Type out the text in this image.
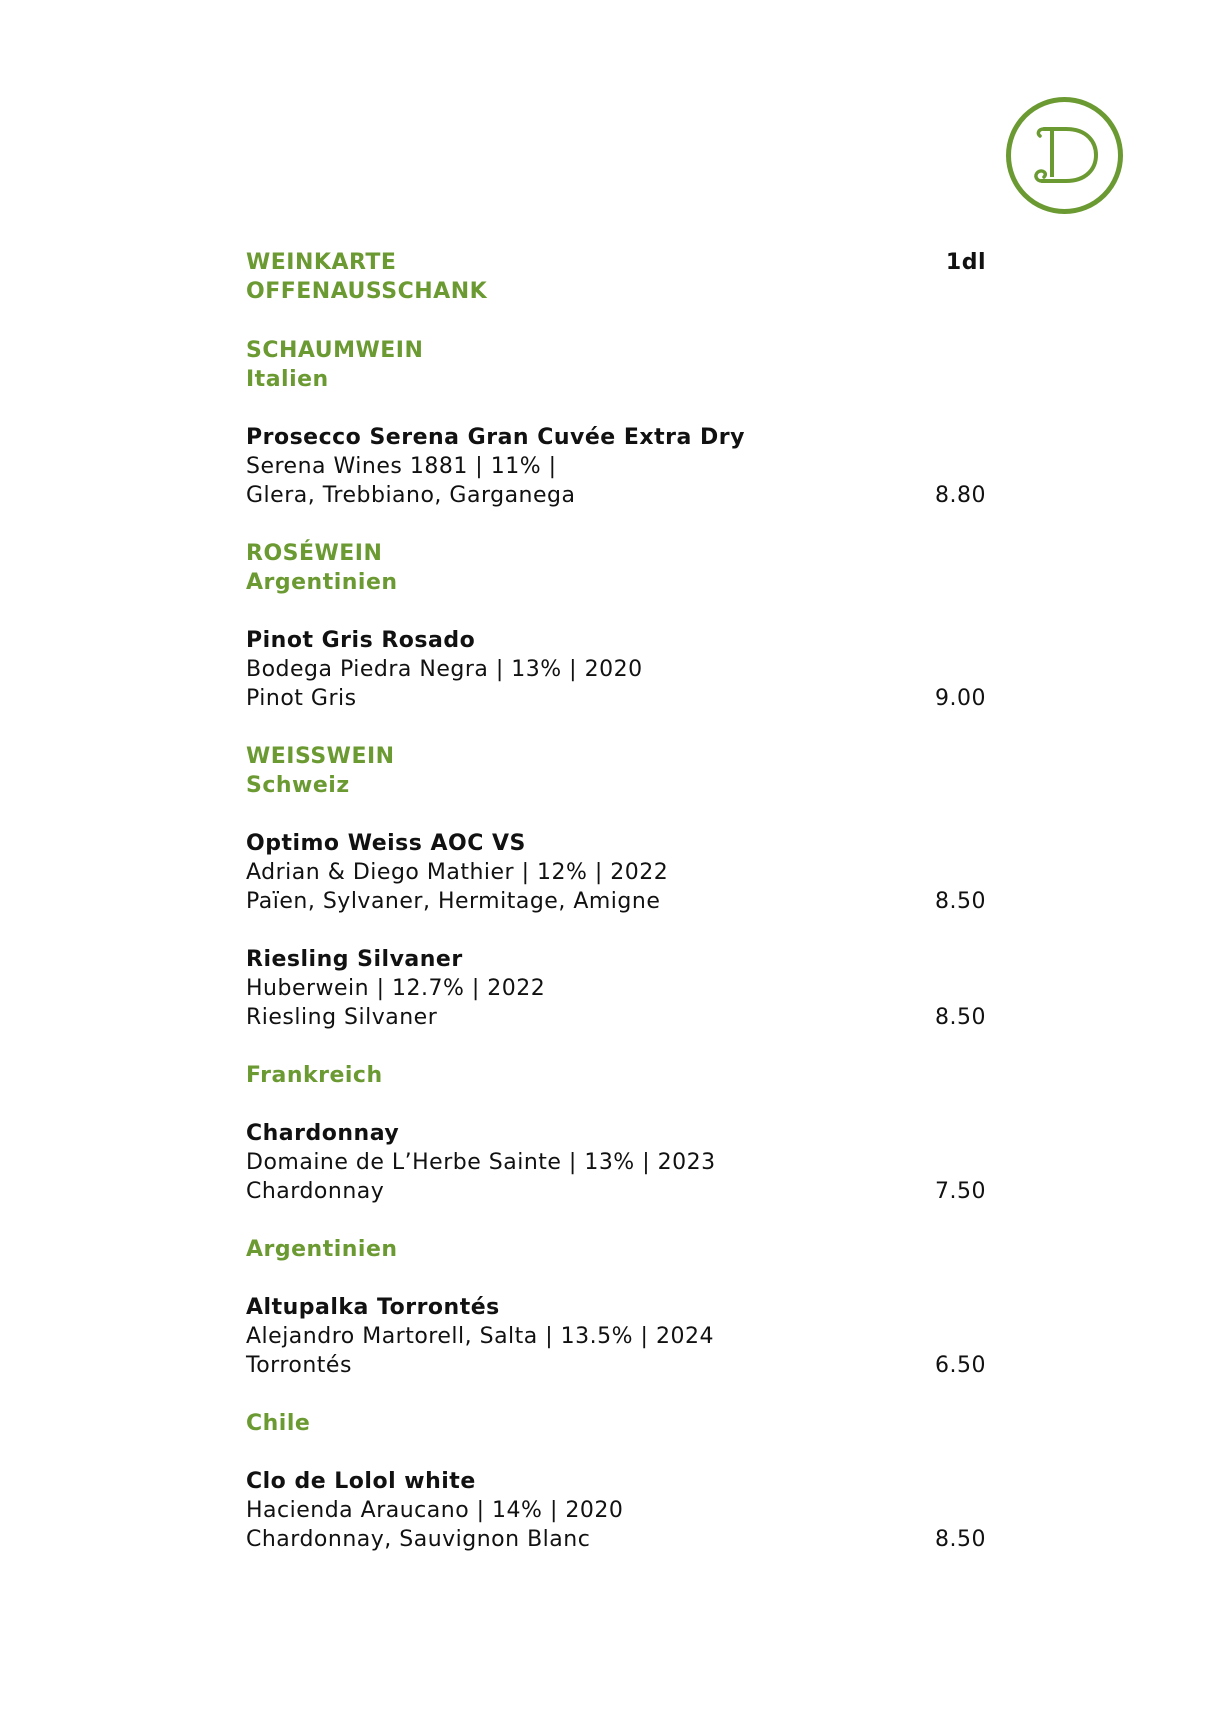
WEINKARTE
OFFENAUSSCHANK
1dl
SCHAUMWEIN
Italien
Prosecco Serena Gran Cuvée Extra Dry
Serena Wines 1881 | 11% |
Glera, Trebbiano, Garganega	8.80
ROSÉWEIN
Argentinien
Pinot Gris Rosado
Bodega Piedra Negra | 13% | 2020
Pinot Gris	9.00
WEISSWEIN
Schweiz
Optimo Weiss AOC VS
Adrian & Diego Mathier | 12% | 2022
Païen, Sylvaner, Hermitage, Amigne	8.50
Riesling Silvaner
Huberwein | 12.7% | 2022
Riesling Silvaner	8.50
Frankreich
Chardonnay
Domaine de L’Herbe Sainte | 13% | 2023
Chardonnay	7.50
Argentinien
Altupalka Torrontés
Alejandro Martorell, Salta | 13.5% | 2024
Torrontés	6.50
Chile
Clo de Lolol white
Hacienda Araucano | 14% | 2020
Chardonnay, Sauvignon Blanc	8.50
